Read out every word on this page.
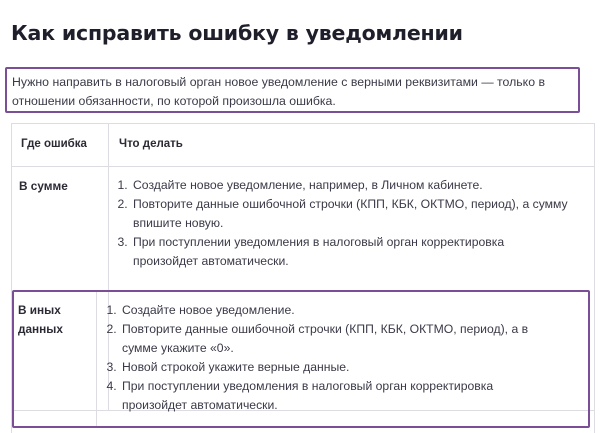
Как исправить ошибку в уведомлении
Нужно направить в налоговый орган новое уведомление с верными реквизитами — только в отношении обязанности, по которой произошла ошибка.
Где ошибка	Что делать
В сумме
1.	Создайте новое уведомление, например, в Личном кабинете.
2. Повторите данные ошибочной строчки (КПП, КБК, ОКТМО, период), а сумму впишите новую.
3. При поступлении уведомления в налоговый орган корректировка произойдет автоматически.
В иных данных
1. Создайте новое уведомление.
2. Повторите данные ошибочной строчки (КПП, КБК, ОКТМО, период), а в сумме укажите «0».
3. Новой строкой укажите верные данные.
4. При поступлении уведомления в налоговый орган корректировка произойдет автоматически.
